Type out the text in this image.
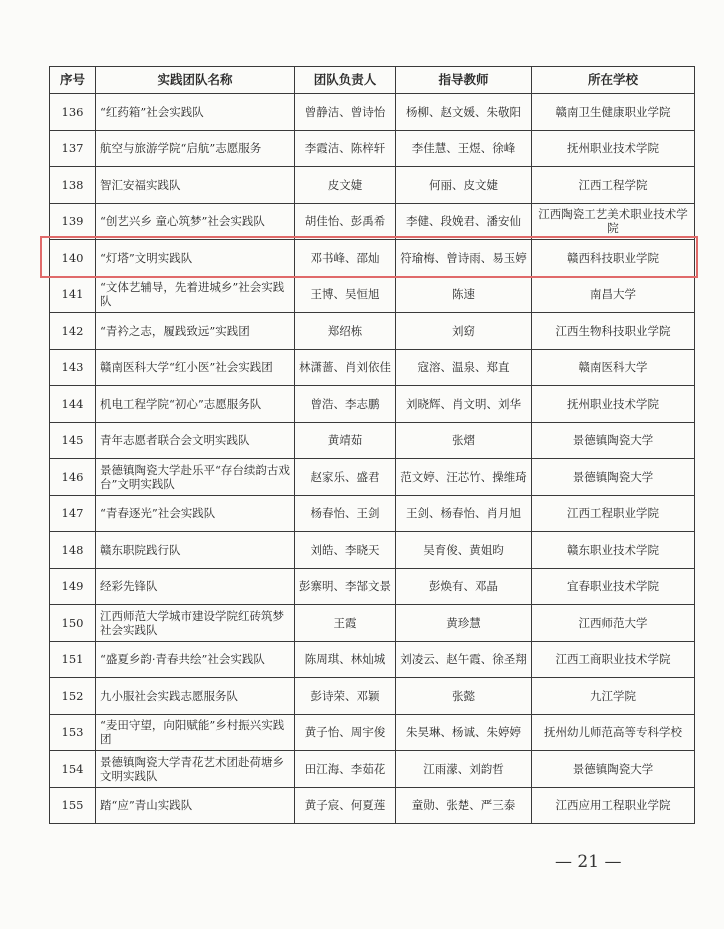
序号	实践团队名称	团队负责人	指导教师	所在学校
136	“红药箱”社会实践队	曾静洁、曾诗怡	杨柳、赵文媛、朱敬阳	赣南卫生健康职业学院
137	航空与旅游学院“启航”志愿服务	李霞洁、陈梓轩	李佳慧、王煜、徐峰	抚州职业技术学院
138	智汇安福实践队	皮文婕	何丽、皮文婕	江西工程学院
139	“创艺兴乡 童心筑梦”社会实践队	胡佳怡、彭禹希	李健、段娩君、潘安仙	江西陶瓷工艺美术职业技术学院
140	“灯塔”文明实践队	邓书峰、邵灿	符瑜梅、曾诗雨、易玉婷	赣西科技职业学院
141	“文体艺辅导，先着进城乡”社会实践队	王博、吴恒旭	陈速	南昌大学
142	“青衿之志，履践致远”实践团	郑绍栋	刘窈	江西生物科技职业学院
143	赣南医科大学“红小医”社会实践团	林潇蔷、肖刘依佳	寇溶、温泉、郑直	赣南医科大学
144	机电工程学院“初心”志愿服务队	曾浩、李志鹏	刘晓辉、肖文明、刘华	抚州职业技术学院
145	青年志愿者联合会文明实践队	黄靖茹	张熠	景德镇陶瓷大学
146	景德镇陶瓷大学赴乐平“存台续韵古戏台”文明实践队	赵家乐、盛君	范文婷、汪芯竹、操维琦	景德镇陶瓷大学
147	“青春逐光”社会实践队	杨春怡、王剑	王剑、杨春怡、肖月旭	江西工程职业学院
148	赣东职院践行队	刘皓、李晓天	吴育俊、黄姐昀	赣东职业技术学院
149	经彩先锋队	彭寨明、李郜文景	彭焕有、邓晶	宜春职业技术学院
150	江西师范大学城市建设学院红砖筑梦社会实践队	王霞	黄珍慧	江西师范大学
151	“盛夏乡韵·青春共绘”社会实践队	陈周琪、林灿城	刘凌云、赵午霞、徐圣翔	江西工商职业技术学院
152	九小服社会实践志愿服务队	彭诗荣、邓颖	张懿	九江学院
153	“麦田守望，向阳赋能”乡村振兴实践团	黄子怡、周宇俊	朱昊琳、杨诚、朱婷婷	抚州幼儿师范高等专科学校
154	景德镇陶瓷大学青花艺术团赴荷塘乡文明实践队	田江海、李茹花	江雨濛、刘韵哲	景德镇陶瓷大学
155	踏“应”青山实践队	黄子宸、何夏莲	童勋、张楚、严三泰	江西应用工程职业学院
— 21 —
